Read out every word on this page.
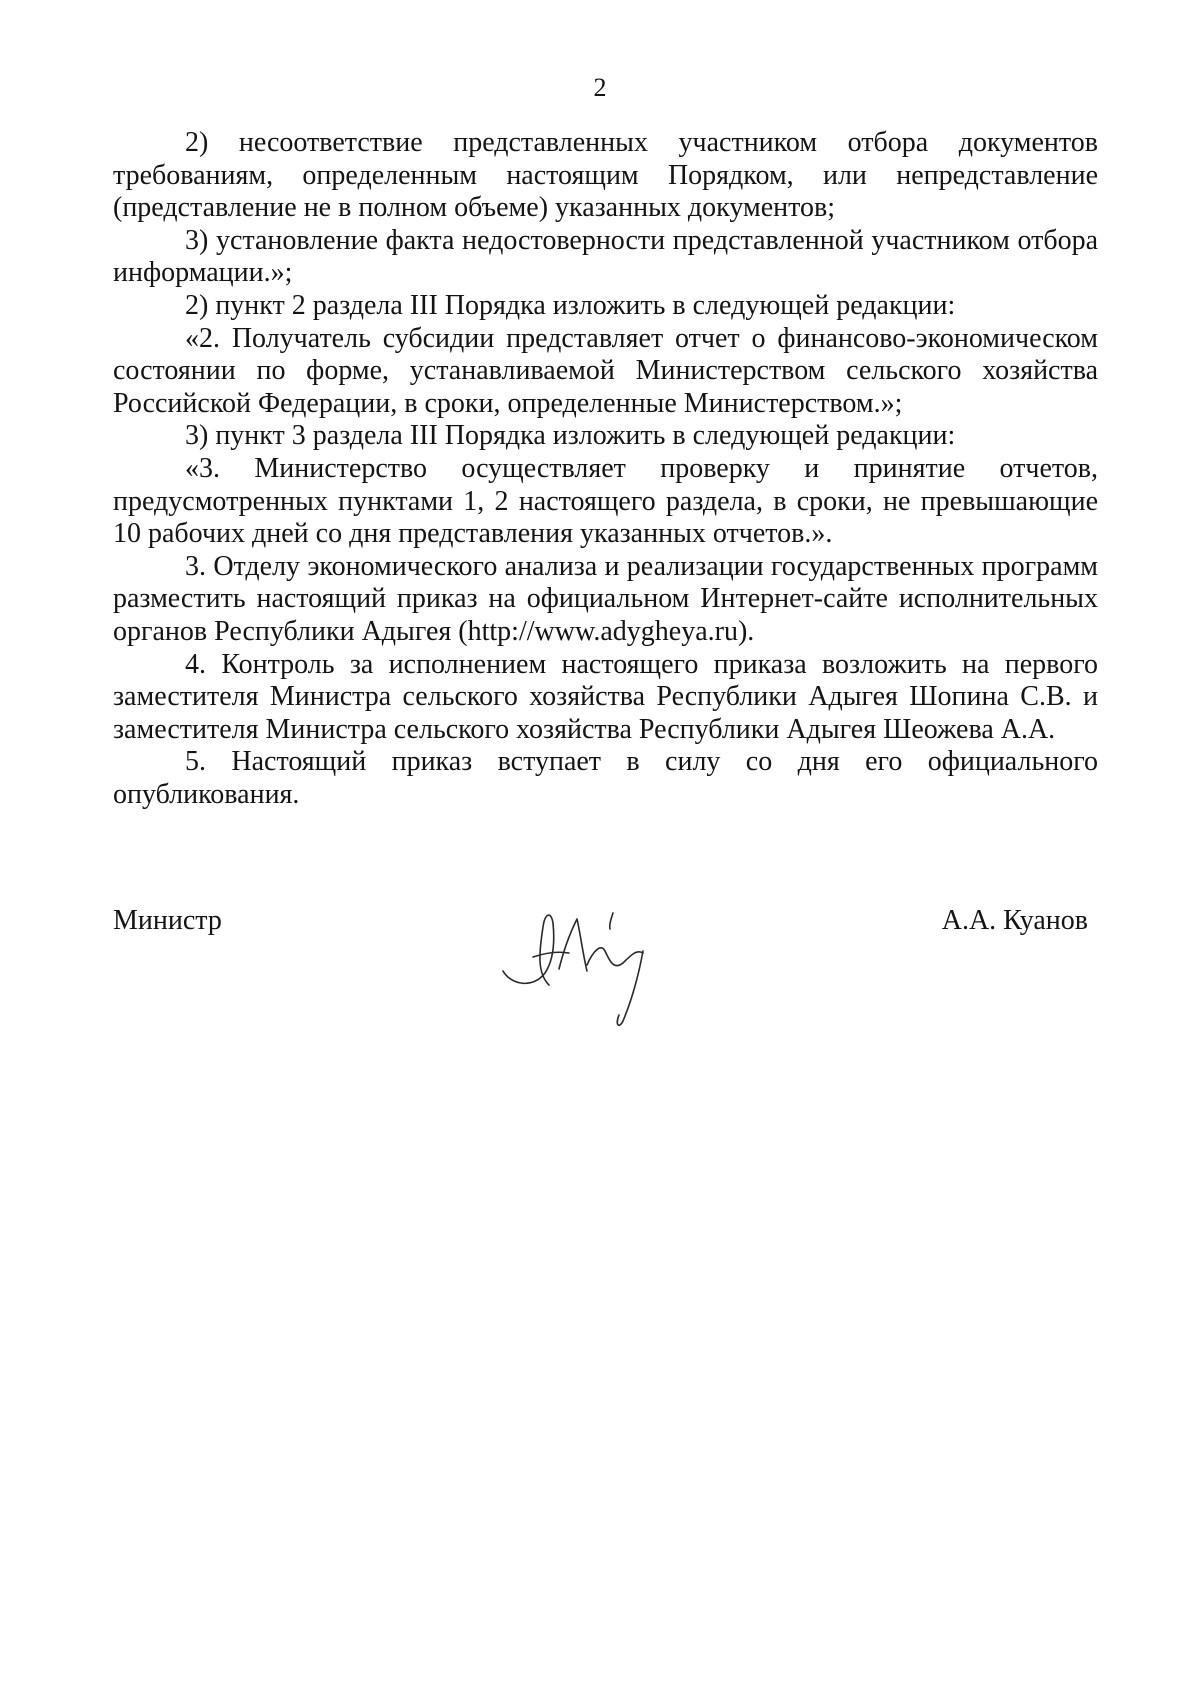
2

2) несоответствие представленных участником отбора документов требованиям, определенным настоящим Порядком, или непредставление (представление не в полном объеме) указанных документов;

3) установление факта недостоверности представленной участником отбора информации.»;

2) пункт 2 раздела III Порядка изложить в следующей редакции:

«2. Получатель субсидии представляет отчет о финансово-экономическом состоянии по форме, устанавливаемой Министерством сельского хозяйства Российской Федерации, в сроки, определенные Министерством.»;

3) пункт 3 раздела III Порядка изложить в следующей редакции:

«3. Министерство осуществляет проверку и принятие отчетов, предусмотренных пунктами 1, 2 настоящего раздела, в сроки, не превышающие 10 рабочих дней со дня представления указанных отчетов.».

3. Отделу экономического анализа и реализации государственных программ разместить настоящий приказ на официальном Интернет-сайте исполнительных органов Республики Адыгея (http://www.adygheya.ru).

4. Контроль за исполнением настоящего приказа возложить на первого заместителя Министра сельского хозяйства Республики Адыгея Шопина С.В. и заместителя Министра сельского хозяйства Республики Адыгея Шеожева А.А.

5. Настоящий приказ вступает в силу со дня его официального опубликования.

Министр	А.А. Куанов
